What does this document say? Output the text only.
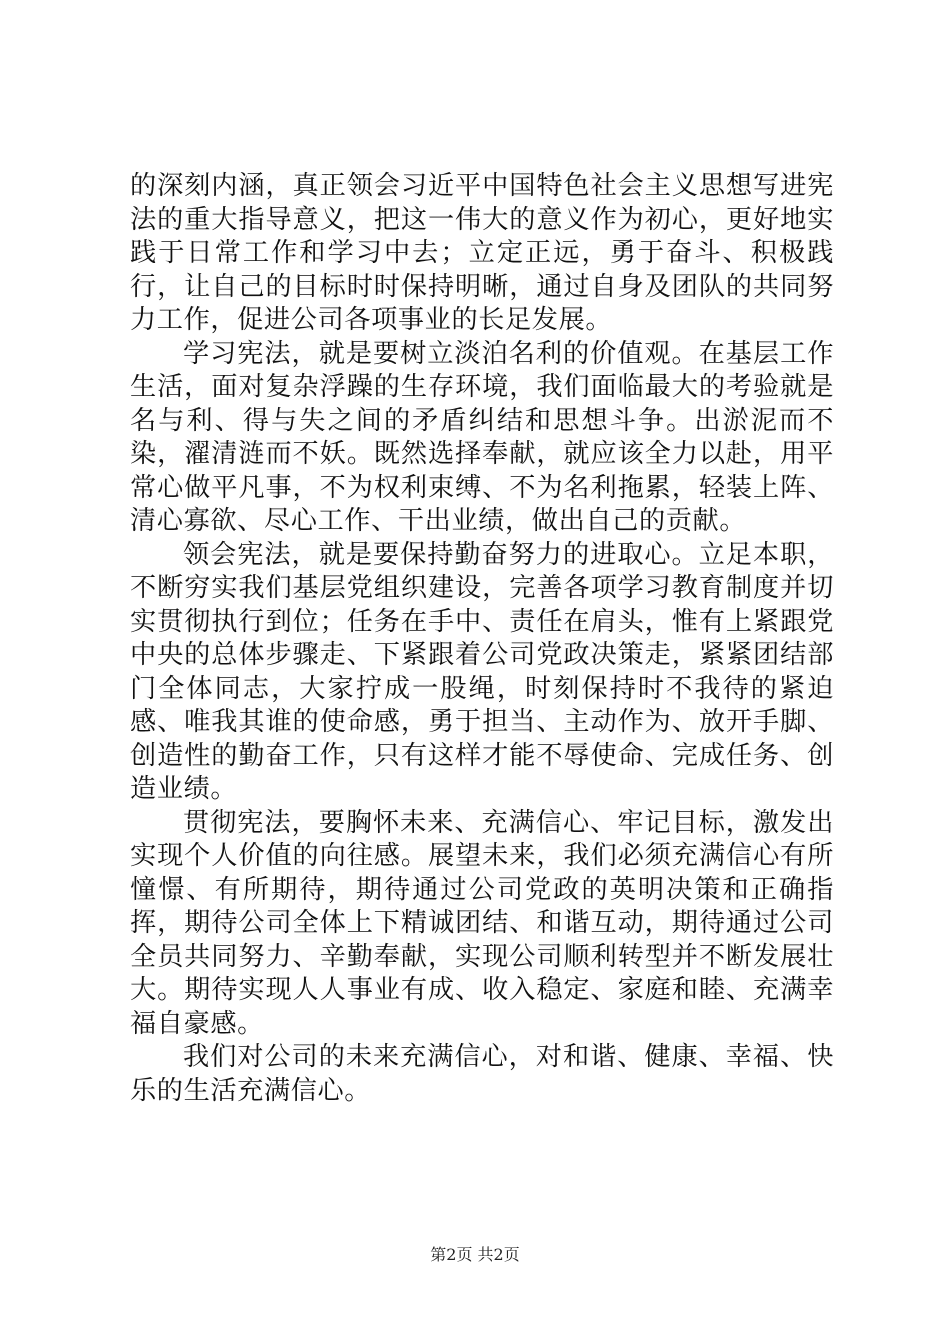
的深刻内涵，真正领会习近平中国特色社会主义思想写进宪法的重大指导意义，把这一伟大的意义作为初心，更好地实践于日常工作和学习中去；立定正远，勇于奋斗、积极践行，让自己的目标时时保持明晰，通过自身及团队的共同努力工作，促进公司各项事业的长足发展。

学习宪法，就是要树立淡泊名利的价值观。在基层工作生活，面对复杂浮躁的生存环境，我们面临最大的考验就是名与利、得与失之间的矛盾纠结和思想斗争。出淤泥而不染，濯清涟而不妖。既然选择奉献，就应该全力以赴，用平常心做平凡事，不为权利束缚、不为名利拖累，轻装上阵、清心寡欲、尽心工作、干出业绩，做出自己的贡献。

领会宪法，就是要保持勤奋努力的进取心。立足本职，不断穷实我们基层党组织建设，完善各项学习教育制度并切实贯彻执行到位；任务在手中、责任在肩头，惟有上紧跟党中央的总体步骤走、下紧跟着公司党政决策走，紧紧团结部门全体同志，大家拧成一股绳，时刻保持时不我待的紧迫感、唯我其谁的使命感，勇于担当、主动作为、放开手脚、创造性的勤奋工作，只有这样才能不辱使命、完成任务、创造业绩。

贯彻宪法，要胸怀未来、充满信心、牢记目标，激发出实现个人价值的向往感。展望未来，我们必须充满信心有所憧憬、有所期待，期待通过公司党政的英明决策和正确指挥，期待公司全体上下精诚团结、和谐互动，期待通过公司全员共同努力、辛勤奉献，实现公司顺利转型并不断发展壮大。期待实现人人事业有成、收入稳定、家庭和睦、充满幸福自豪感。

我们对公司的未来充满信心，对和谐、健康、幸福、快乐的生活充满信心。

第2页 共2页
